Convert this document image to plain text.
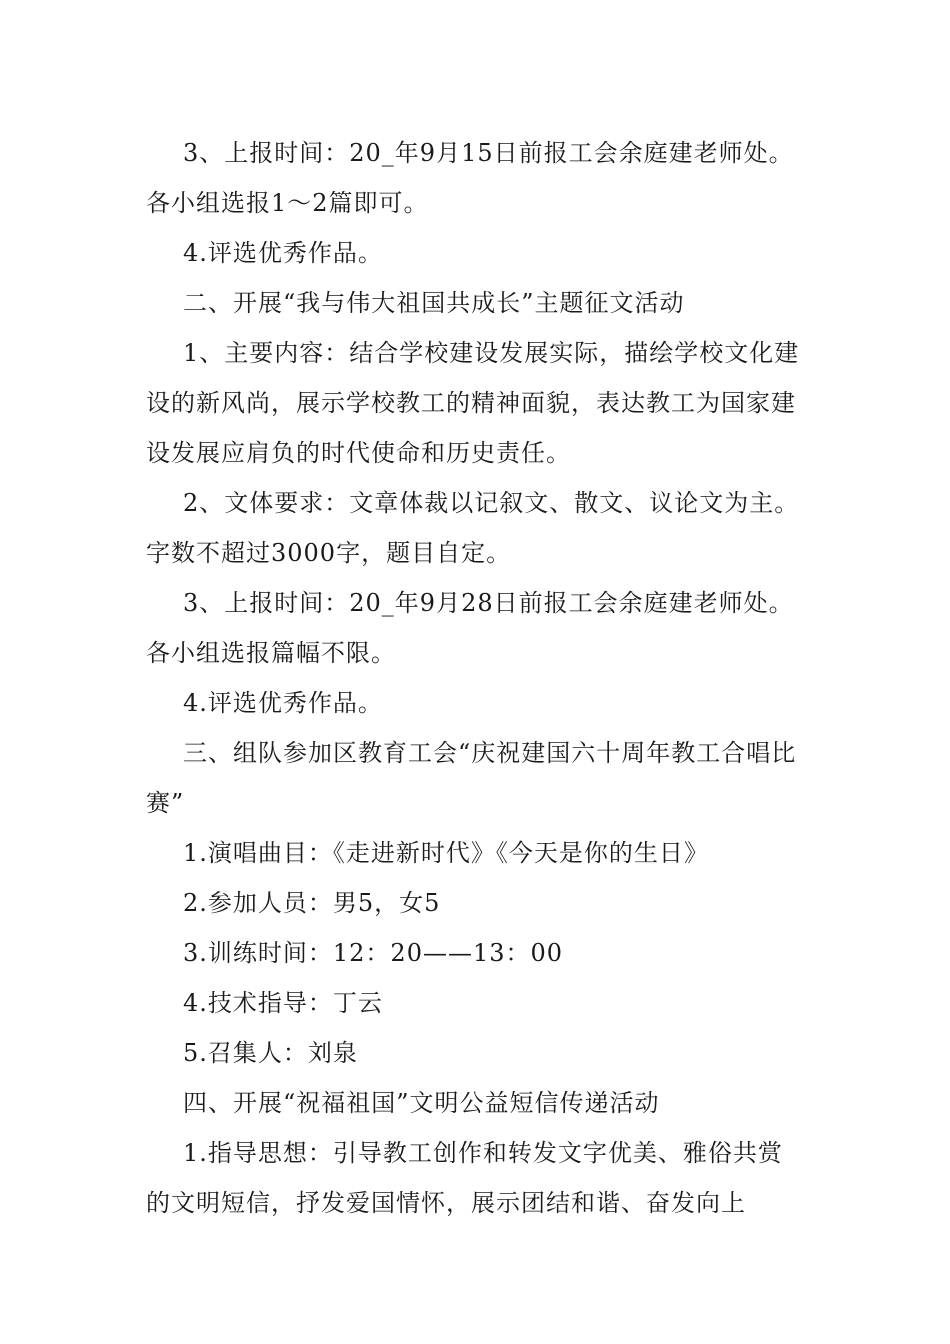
3、上报时间：20_年9月15日前报工会余庭建老师处。各小组选报1～2篇即可。

4.评选优秀作品。

二、开展“我与伟大祖国共成长”主题征文活动

1、主要内容：结合学校建设发展实际，描绘学校文化建设的新风尚，展示学校教工的精神面貌，表达教工为国家建设发展应肩负的时代使命和历史责任。

2、文体要求：文章体裁以记叙文、散文、议论文为主。字数不超过3000字，题目自定。

3、上报时间：20_年9月28日前报工会余庭建老师处。各小组选报篇幅不限。

4.评选优秀作品。

三、组队参加区教育工会“庆祝建国六十周年教工合唱比赛”

1.演唱曲目：《走进新时代》《今天是你的生日》

2.参加人员：男5，女5

3.训练时间：12：20——13：00

4.技术指导：丁云

5.召集人：刘泉

四、开展“祝福祖国”文明公益短信传递活动

1.指导思想：引导教工创作和转发文字优美、雅俗共赏的文明短信，抒发爱国情怀，展示团结和谐、奋发向上
